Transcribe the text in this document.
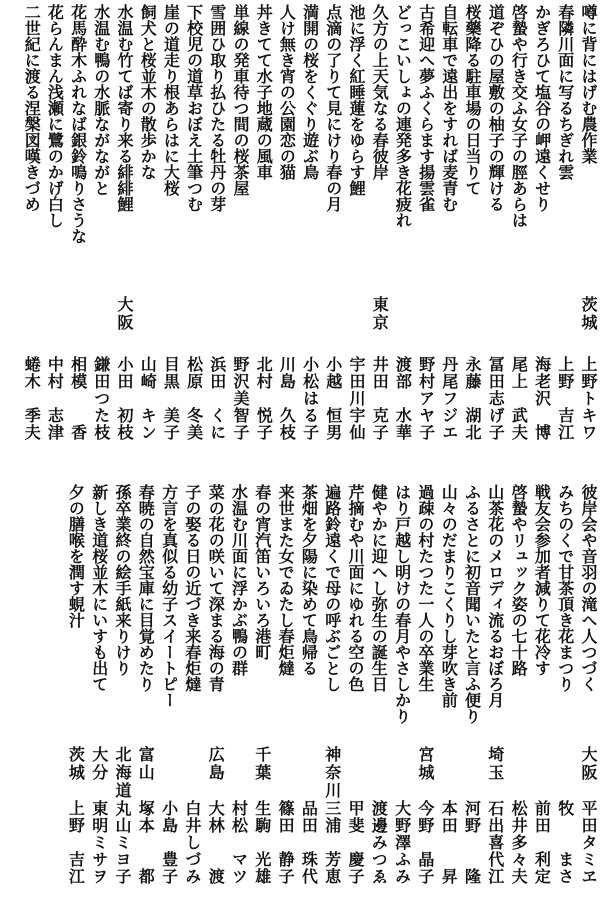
噂に背にはげむ農作業
茨城
上野トキワ
春隣川面に写るちぎれ雲
上野　吉江
かぎろひて塩谷の岬遠くせり
海老沢　博
啓蟄や行き交ふ女子の脛あらは
尾上　武夫
道ぞひの屋敷の柚子の輝ける
冨田志げ子
桜藥降る駐車場の日当りて
永藤　湖北
自転車で遠出をすれば麦青む
丹尾フジエ
古希迎へ夢ふくらます揚雲雀
野村アヤ子
どっこいしょの連発多き花疲れ
渡部　水華
久方の上天気なる春彼岸
東京
井田　克子
池に浮く紅睡蓮をゆらす鯉
宇田川宇仙
点滴の了りて見にけり春の月
小越　恒男
満開の桜をくぐり遊ぶ鳥
小松はる子
人け無き宵の公園恋の猫
川島　久枝
丼きてて水子地蔵の風車
北村　悦子
単線の発車待つ間の桜茶屋
野沢美智子
雪囲ひ取り払ひたる牡丹の芽
浜田　くに
下校児の道草おぼえ土筆つむ
松原　冬美
崖の道走り根あらはに大桜
目黒　美子
飼犬と桜並木の散歩かな
山崎　キン
水温む竹てば寄り来る緋緋鯉
大阪
小田　初枝
水温む鴨の水脈ながながと
鎌田つた枝
花馬酔木ふれなば銀鈴鳴りさうな
相模　　香
花らんまん浅瀬に鷺のかげ白し
中村　志津
二世紀に渡る涅槃図嘆きづめ
蜷木　季夫
彼岸会や音羽の滝へ人つづく
大阪
平田タミヱ
みちのくで甘茶頂き花まつり
牧　　まさ
戦友会参加者減りて花冷す
前田　利定
啓蟄やリュック姿の七十路
松井多々夫
山茶花のメロディ流るおぼろ月
埼玉
石出喜代江
ふるさとに初音聞いたと言ふ便り
河野　　隆
山々のだまりこくりし芽吹き前
本田　　昇
過疎の村たつた一人の卒業生
宮城
今野　晶子
はり戸越し明けの春月やさしかり
大野澤ふみ
健やかに迎へし弥生の誕生日
渡邊みつゑ
芹摘むや川面にゆれる空の色
甲斐　慶子
遍路鈴遠くで母の呼ぶごとし
神奈川
三浦　芳恵
茶畑を夕陽に染めて鳥帰る
品田　珠代
来世また女でゐたし春炬燵
篠田　静子
春の宵汽笛いろいろ港町
千葉
生駒　光雄
水温む川面に浮かぶ鴨の群
村松　マツ
菜の花の咲いて深まる海の青
広島
大林　　渡
子の娶る日の近づき来春炬燵
白井しづみ
方言を真似る幼子スイートピー
小島　豊子
春暁の自然宝庫に目覚めたり
富山
塚本　　都
孫卒業終の絵手紙来りけり
北海道
丸山ミヨ子
新しき道桜並木にいすも出て
大分
東明ミサヲ
夕の膳喉を潤す蜆汁
茨城
上野　吉江
